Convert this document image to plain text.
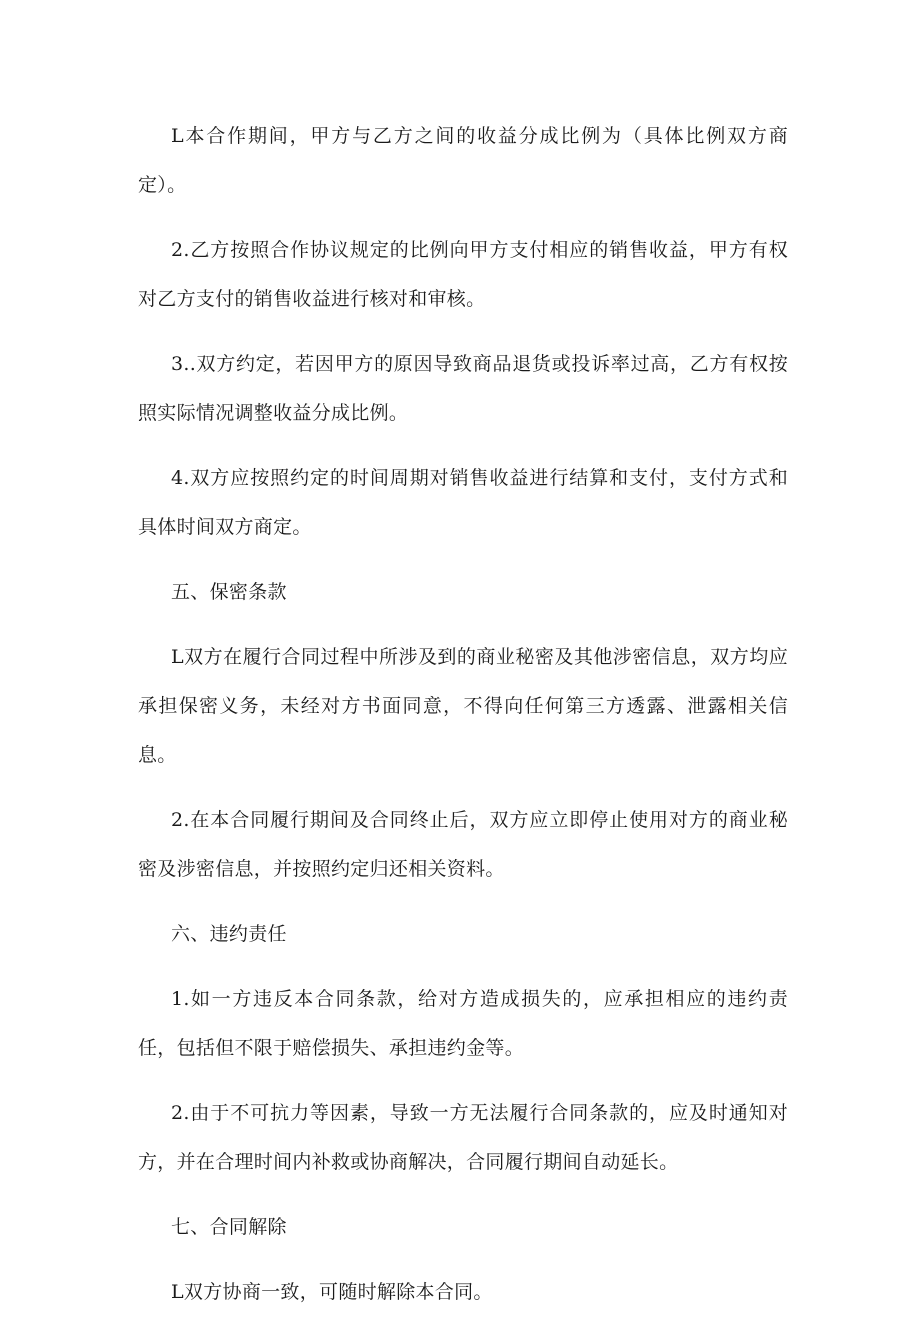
L本合作期间，甲方与乙方之间的收益分成比例为（具体比例双方商定）。

2.乙方按照合作协议规定的比例向甲方支付相应的销售收益，甲方有权对乙方支付的销售收益进行核对和审核。

3..双方约定，若因甲方的原因导致商品退货或投诉率过高，乙方有权按照实际情况调整收益分成比例。

4.双方应按照约定的时间周期对销售收益进行结算和支付，支付方式和具体时间双方商定。

五、保密条款

L双方在履行合同过程中所涉及到的商业秘密及其他涉密信息，双方均应承担保密义务，未经对方书面同意，不得向任何第三方透露、泄露相关信息。

2.在本合同履行期间及合同终止后，双方应立即停止使用对方的商业秘密及涉密信息，并按照约定归还相关资料。

六、违约责任

1.如一方违反本合同条款，给对方造成损失的，应承担相应的违约责任，包括但不限于赔偿损失、承担违约金等。

2.由于不可抗力等因素，导致一方无法履行合同条款的，应及时通知对方，并在合理时间内补救或协商解决，合同履行期间自动延长。

七、合同解除

L双方协商一致，可随时解除本合同。
